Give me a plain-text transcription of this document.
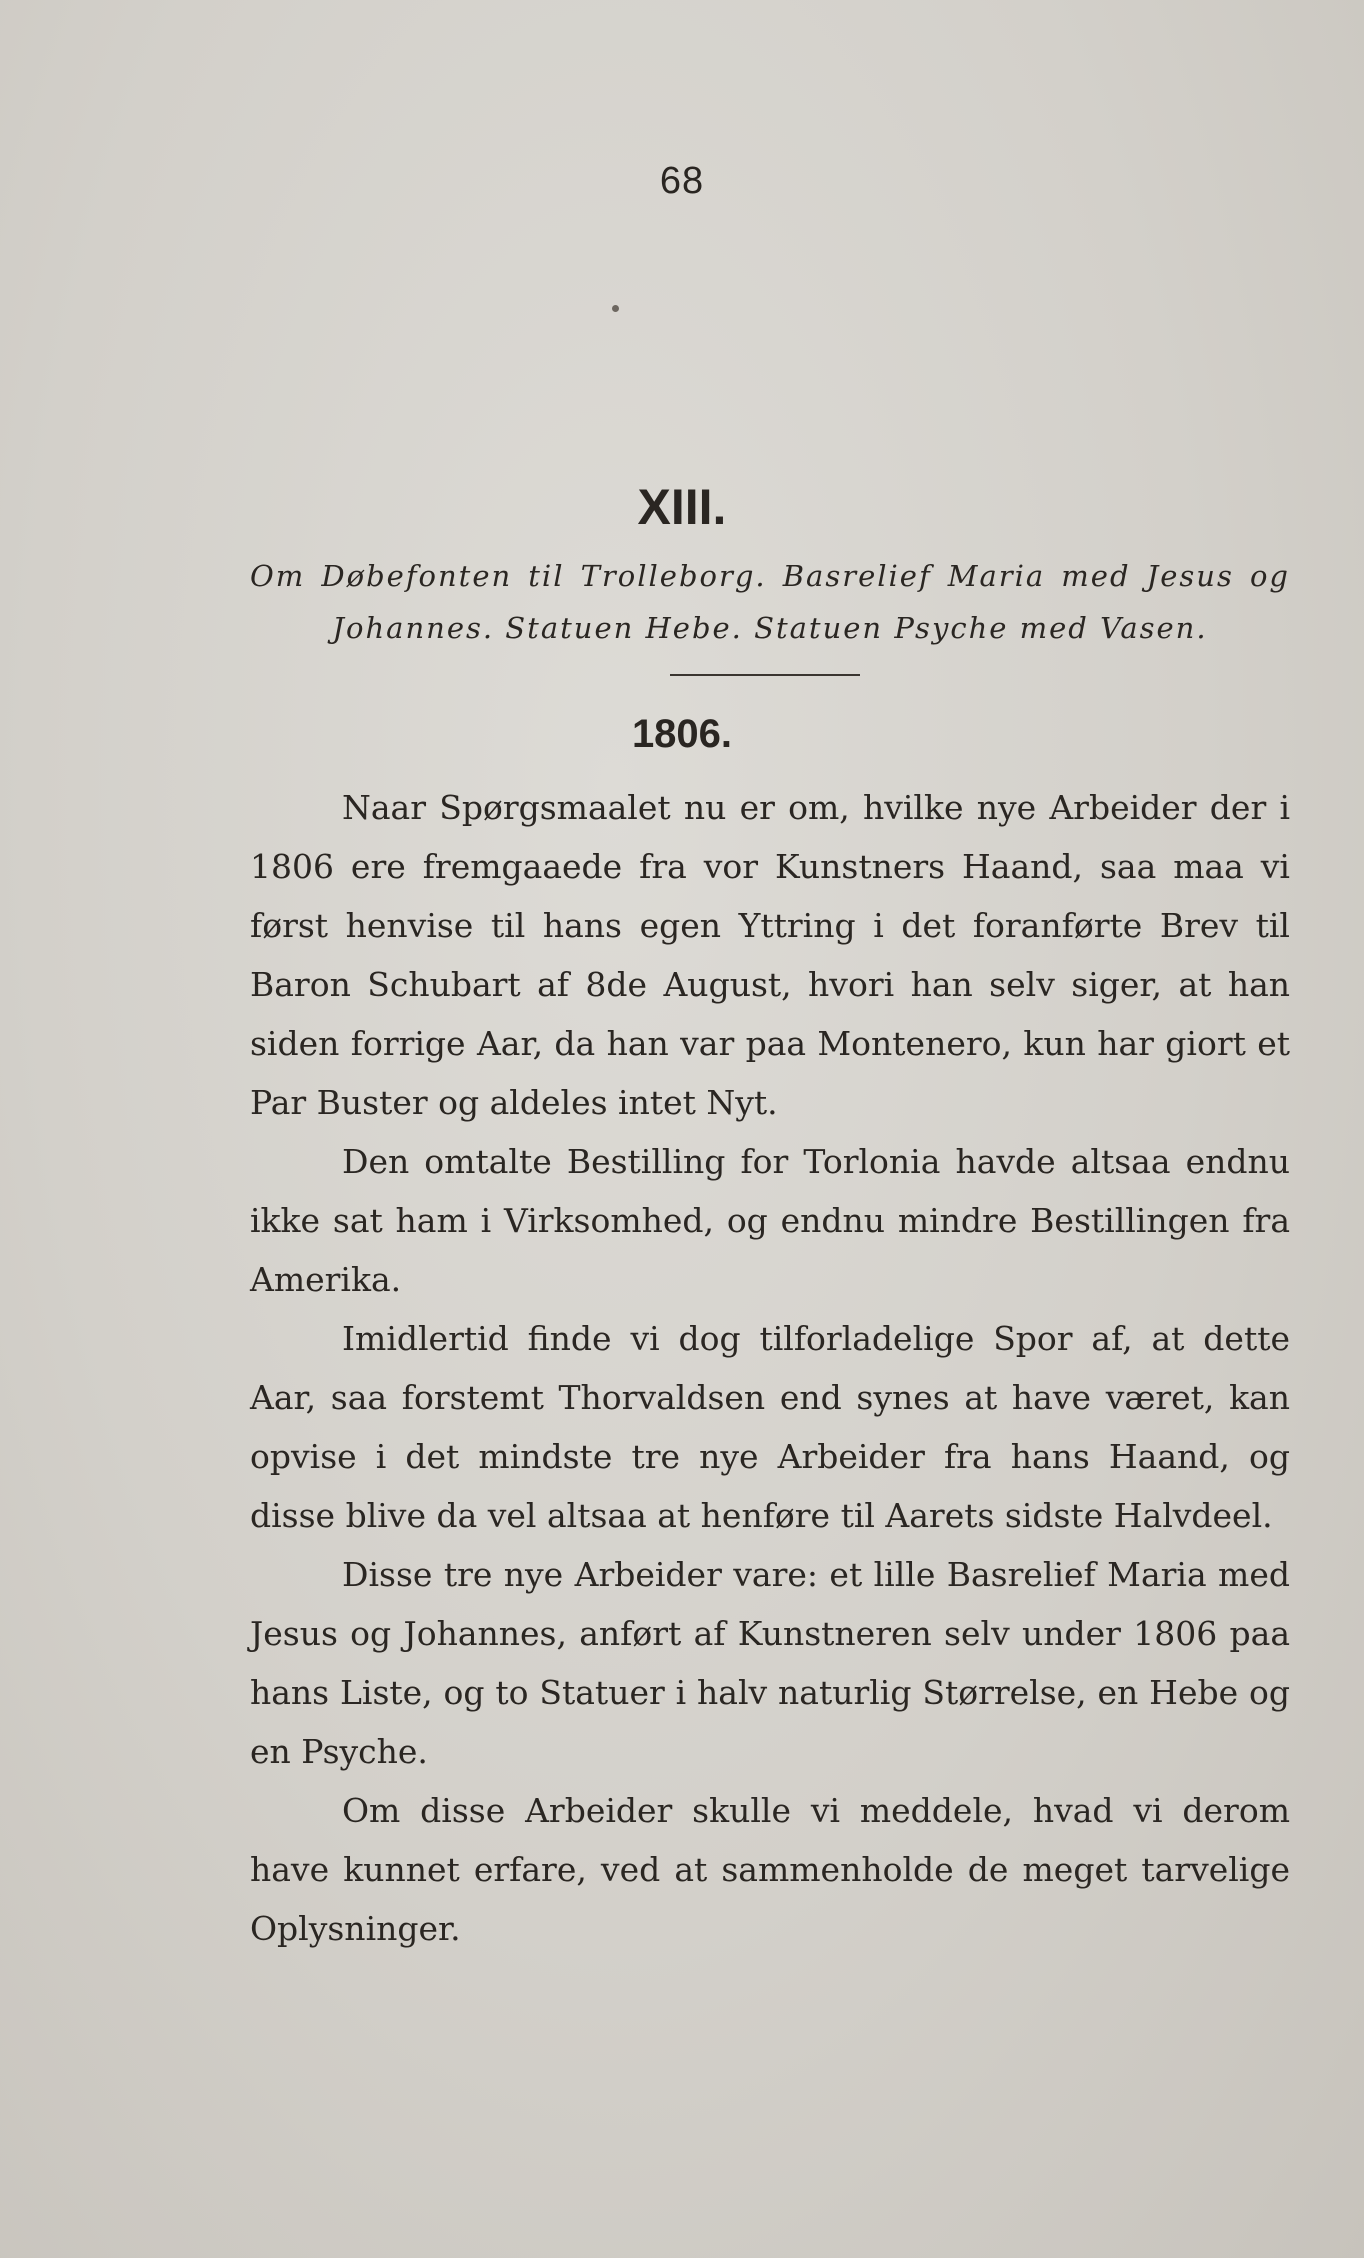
68
XIII.
Om Døbefonten til Trolleborg. Basrelief Maria med Jesus og Johannes. Statuen Hebe. Statuen Psyche med Vasen.
1806.

Naar Spørgsmaalet nu er om, hvilke nye Arbeider der i 1806 ere fremgaaede fra vor Kunstners Haand, saa maa vi først henvise til hans egen Yttring i det foranførte Brev til Baron Schubart af 8de August, hvori han selv siger, at han siden forrige Aar, da han var paa Montenero, kun har giort et Par Buster og aldeles intet Nyt.

Den omtalte Bestilling for Torlonia havde altsaa endnu ikke sat ham i Virksomhed, og endnu mindre Bestillingen fra Amerika.

Imidlertid finde vi dog tilforladelige Spor af, at dette Aar, saa forstemt Thorvaldsen end synes at have været, kan opvise i det mindste tre nye Arbeider fra hans Haand, og disse blive da vel altsaa at henføre til Aarets sidste Halvdeel.

Disse tre nye Arbeider vare: et lille Basrelief Maria med Jesus og Johannes, anført af Kunstneren selv under 1806 paa hans Liste, og to Statuer i halv naturlig Størrelse, en Hebe og en Psyche.

Om disse Arbeider skulle vi meddele, hvad vi derom have kunnet erfare, ved at sammenholde de meget tarvelige Oplysninger.
